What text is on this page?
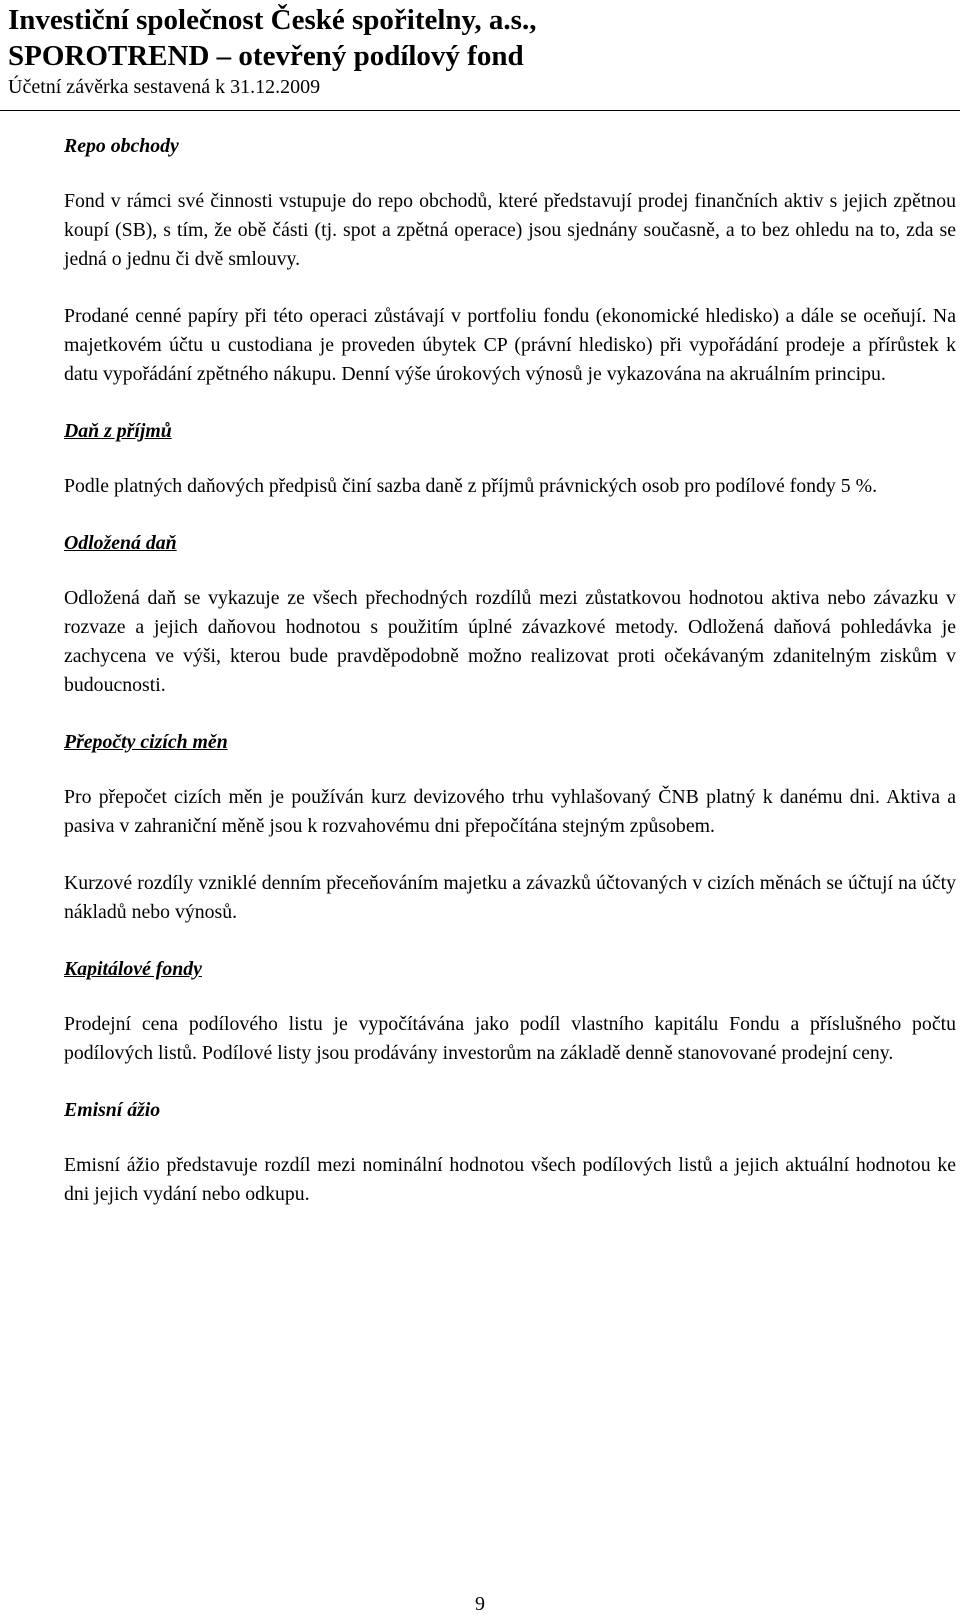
Investiční společnost České spořitelny, a.s.,
SPOROTREND – otevřený podílový fond
Účetní závěrka sestavená k 31.12.2009

Repo obchody

Fond v rámci své činnosti vstupuje do repo obchodů, které představují prodej finančních aktiv s jejich zpětnou koupí (SB), s tím, že obě části (tj. spot a zpětná operace) jsou sjednány současně, a to bez ohledu na to, zda se jedná o jednu či dvě smlouvy.

Prodané cenné papíry při této operaci zůstávají v portfoliu fondu (ekonomické hledisko) a dále se oceňují. Na majetkovém účtu u custodiana je proveden úbytek CP (právní hledisko) při vypořádání prodeje a přírůstek k datu vypořádání zpětného nákupu. Denní výše úrokových výnosů je vykazována na akruálním principu.

Daň z příjmů

Podle platných daňových předpisů činí sazba daně z příjmů právnických osob pro podílové fondy 5 %.

Odložená daň

Odložená daň se vykazuje ze všech přechodných rozdílů mezi zůstatkovou hodnotou aktiva nebo závazku v rozvaze a jejich daňovou hodnotou s použitím úplné závazkové metody. Odložená daňová pohledávka je zachycena ve výši, kterou bude pravděpodobně možno realizovat proti očekávaným zdanitelným ziskům v budoucnosti.

Přepočty cizích měn

Pro přepočet cizích měn je používán kurz devizového trhu vyhlašovaný ČNB platný k danému dni. Aktiva a pasiva v zahraniční měně jsou k rozvahovému dni přepočítána stejným způsobem.

Kurzové rozdíly vzniklé denním přeceňováním majetku a závazků účtovaných v cizích měnách se účtují na účty nákladů nebo výnosů.

Kapitálové fondy

Prodejní cena podílového listu je vypočítávána jako podíl vlastního kapitálu Fondu a příslušného počtu podílových listů. Podílové listy jsou prodávány investorům na základě denně stanovované prodejní ceny.

Emisní ážio

Emisní ážio představuje rozdíl mezi nominální hodnotou všech podílových listů a jejich aktuální hodnotou ke dni jejich vydání nebo odkupu.

9
